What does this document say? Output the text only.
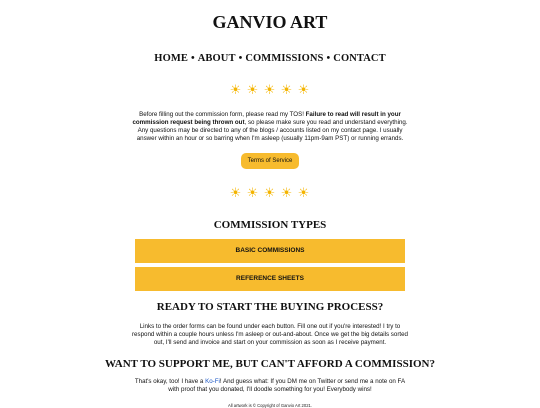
GANVIO ART
HOME • ABOUT • COMMISSIONS • CONTACT
☀ ☀ ☀ ☀ ☀

Before filling out the commission form, please read my TOS! Failure to read will result in your commission request being thrown out, so please make sure you read and understand everything. Any questions may be directed to any of the blogs / accounts listed on my contact page. I usually answer within an hour or so barring when I'm asleep (usually 11pm-9am PST) or running errands.

Terms of Service
☀ ☀ ☀ ☀ ☀
COMMISSION TYPES
BASIC COMMISSIONS
REFERENCE SHEETS
READY TO START THE BUYING PROCESS?

Links to the order forms can be found under each button. Fill one out if you're interested! I try to respond within a couple hours unless I'm asleep or out-and-about. Once we get the big details sorted out, I'll send and invoice and start on your commission as soon as I receive payment.

WANT TO SUPPORT ME, BUT CAN'T AFFORD A COMMISSION?

That's okay, too! I have a Ko-Fi! And guess what: If you DM me on Twitter or send me a note on FA with proof that you donated, I'll doodle something for you! Everybody wins!

All artwork is © Copyright of Ganvio Art 2021.
